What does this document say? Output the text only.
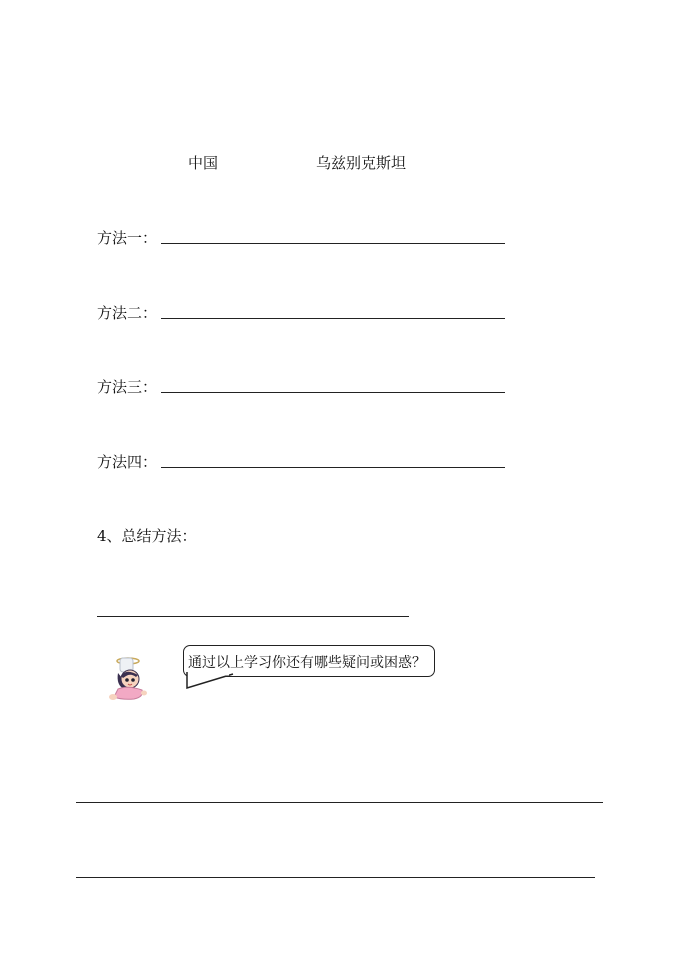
中国	乌兹别克斯坦
方法一：
方法二：
方法三：
方法四：
4、总结方法：
通过以上学习你还有哪些疑问或困惑？
